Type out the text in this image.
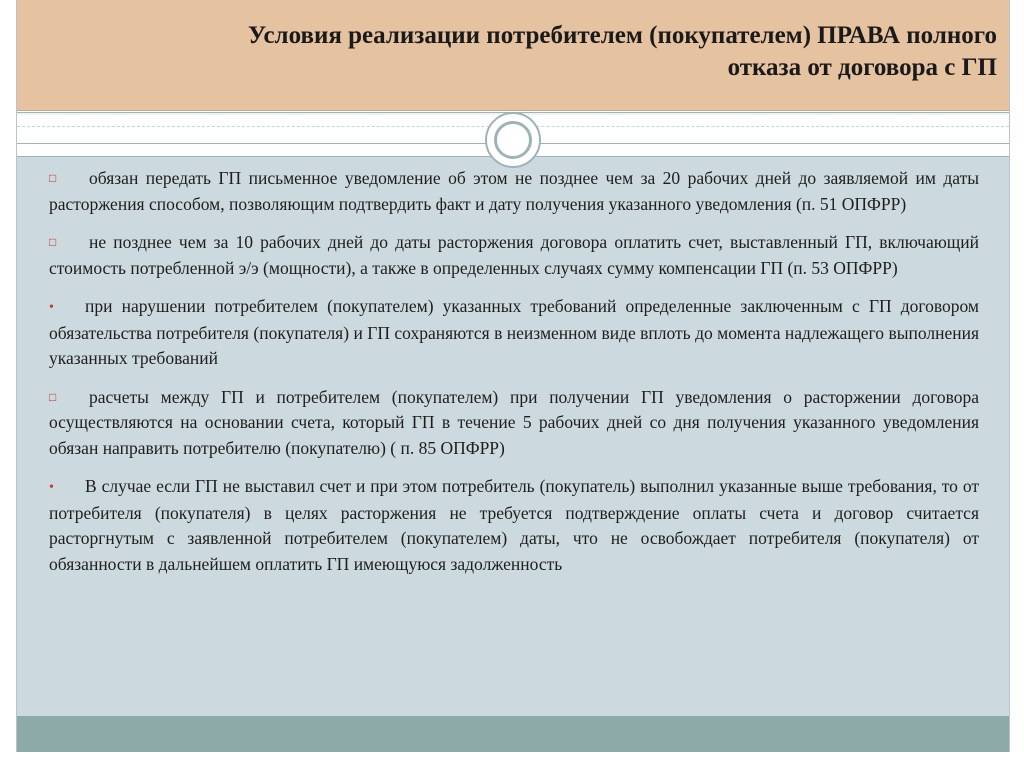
Условия реализации потребителем (покупателем) ПРАВА полного
отказа от договора с ГП
□ обязан передать ГП письменное уведомление об этом не позднее чем за 20 рабочих дней до заявляемой им даты расторжения способом, позволяющим подтвердить факт и дату получения указанного уведомления (п. 51 ОПФРР)
□ не позднее чем за 10 рабочих дней до даты расторжения договора оплатить счет, выставленный ГП, включающий стоимость потребленной э/э (мощности), а также в определенных случаях сумму компенсации ГП (п. 53 ОПФРР)
• при нарушении потребителем (покупателем) указанных требований определенные заключенным с ГП договором обязательства потребителя (покупателя) и ГП сохраняются в неизменном виде вплоть до момента надлежащего выполнения указанных требований
□ расчеты между ГП и потребителем (покупателем) при получении ГП уведомления о расторжении договора осуществляются на основании счета, который ГП в течение 5 рабочих дней со дня получения указанного уведомления обязан направить потребителю (покупателю) ( п. 85 ОПФРР)
• В случае если ГП не выставил счет и при этом потребитель (покупатель) выполнил указанные выше требования, то от потребителя (покупателя) в целях расторжения не требуется подтверждение оплаты счета и договор считается расторгнутым с заявленной потребителем (покупателем) даты, что не освобождает потребителя (покупателя) от обязанности в дальнейшем оплатить ГП имеющуюся задолженность
